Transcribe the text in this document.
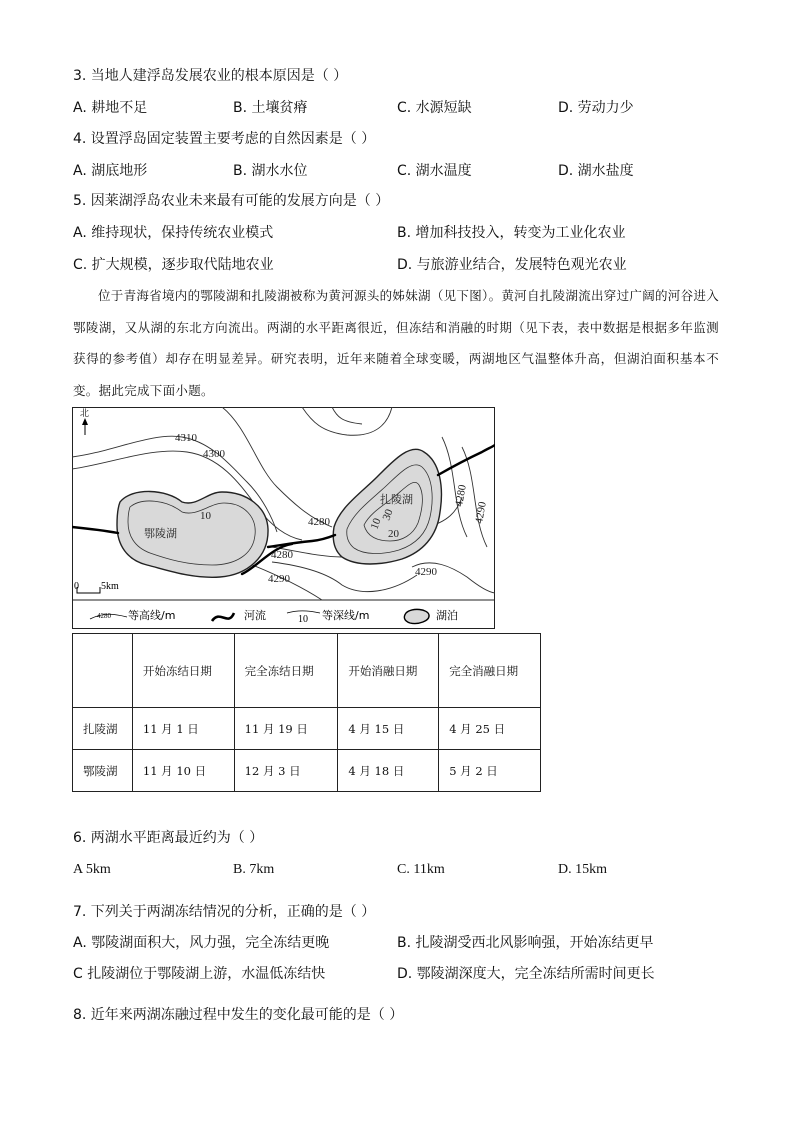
3. 当地人建浮岛发展农业的根本原因是（ ）
A. 耕地不足	B. 土壤贫瘠	C. 水源短缺	D. 劳动力少
4. 设置浮岛固定装置主要考虑的自然因素是（ ）
A. 湖底地形	B. 湖水水位	C. 湖水温度	D. 湖水盐度
5. 因莱湖浮岛农业未来最有可能的发展方向是（ ）
A. 维持现状，保持传统农业模式	B. 增加科技投入，转变为工业化农业
C. 扩大规模，逐步取代陆地农业	D. 与旅游业结合，发展特色观光农业

位于青海省境内的鄂陵湖和扎陵湖被称为黄河源头的姊妹湖（见下图）。黄河自扎陵湖流出穿过广阔的河谷进入鄂陵湖，又从湖的东北方向流出。两湖的水平距离很近，但冻结和消融的时期（见下表，表中数据是根据多年监测获得的参考值）却存在明显差异。研究表明，近年来随着全球变暖，两湖地区气温整体升高，但湖泊面积基本不变。据此完成下面小题。

北
4310
4300
4280
4280
4290
4290
4280
4290
10
10
30
20
鄂陵湖
扎陵湖
0 5km
4280 等高线/m	河流	10 等深线/m	湖泊
	开始冻结日期	完全冻结日期	开始消融日期	完全消融日期
扎陵湖	11 月 1 日	11 月 19 日	4 月 15 日	4 月 25 日
鄂陵湖	11 月 10 日	12 月 3 日	4 月 18 日	5 月 2 日
6. 两湖水平距离最近约为（ ）
A 5km	B. 7km	C. 11km	D. 15km
7. 下列关于两湖冻结情况的分析，正确的是（ ）
A. 鄂陵湖面积大，风力强，完全冻结更晚	B. 扎陵湖受西北风影响强，开始冻结更早
C 扎陵湖位于鄂陵湖上游，水温低冻结快	D. 鄂陵湖深度大，完全冻结所需时间更长
8. 近年来两湖冻融过程中发生的变化最可能的是（ ）
